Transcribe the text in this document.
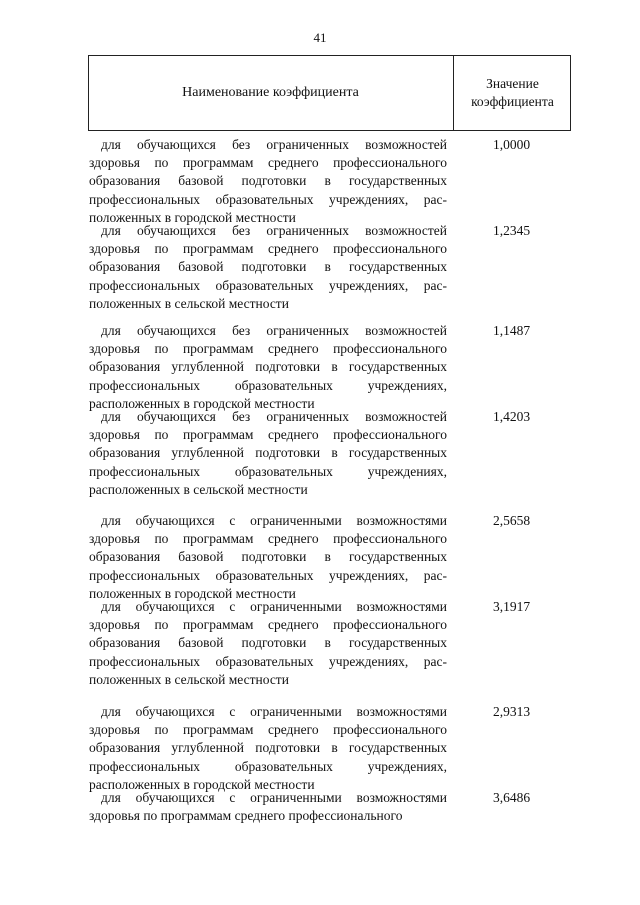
41
Наименование коэффициента
Значение
коэффициента
для обучающихся без ограниченных возможностей здоровья по программам среднего профессионального образования базовой подготовки в государственных профессиональных образовательных учреждениях, расположенных в городской местности
1,0000
для обучающихся без ограниченных возможностей здоровья по программам среднего профессионального образования базовой подготовки в государственных профессиональных образовательных учреждениях, расположенных в сельской местности
1,2345
для обучающихся без ограниченных возможностей здоровья по программам среднего профессионального образования углубленной подготовки в государственных профессиональных образовательных учреждениях, расположенных в городской местности
1,1487
для обучающихся без ограниченных возможностей здоровья по программам среднего профессионального образования углубленной подготовки в государственных профессиональных образовательных учреждениях, расположенных в сельской местности
1,4203
для обучающихся с ограниченными возможностями здоровья по программам среднего профессионального образования базовой подготовки в государственных профессиональных образовательных учреждениях, расположенных в городской местности
2,5658
для обучающихся с ограниченными возможностями здоровья по программам среднего профессионального образования базовой подготовки в государственных профессиональных образовательных учреждениях, расположенных в сельской местности
3,1917
для обучающихся с ограниченными возможностями здоровья по программам среднего профессионального образования углубленной подготовки в государственных профессиональных образовательных учреждениях, расположенных в городской местности
2,9313
для обучающихся с ограниченными возможностями здоровья по программам среднего профессионального
3,6486
